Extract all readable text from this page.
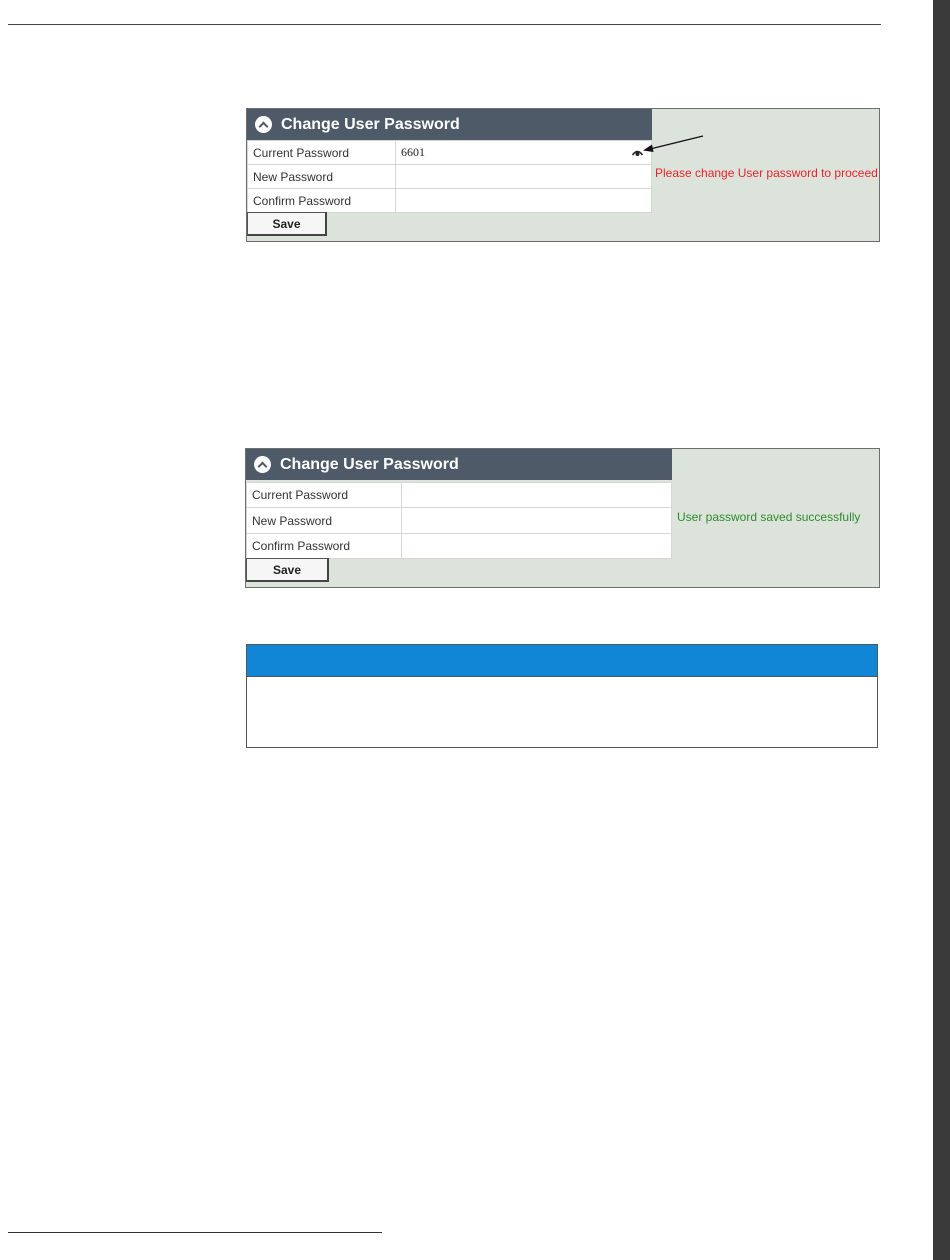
Change User Password
Current Password	6601

New Password	
Confirm Password	
Save
Please change User password to proceed
Change User Password
Current Password	
New Password	
Confirm Password	
Save
User password saved successfully
